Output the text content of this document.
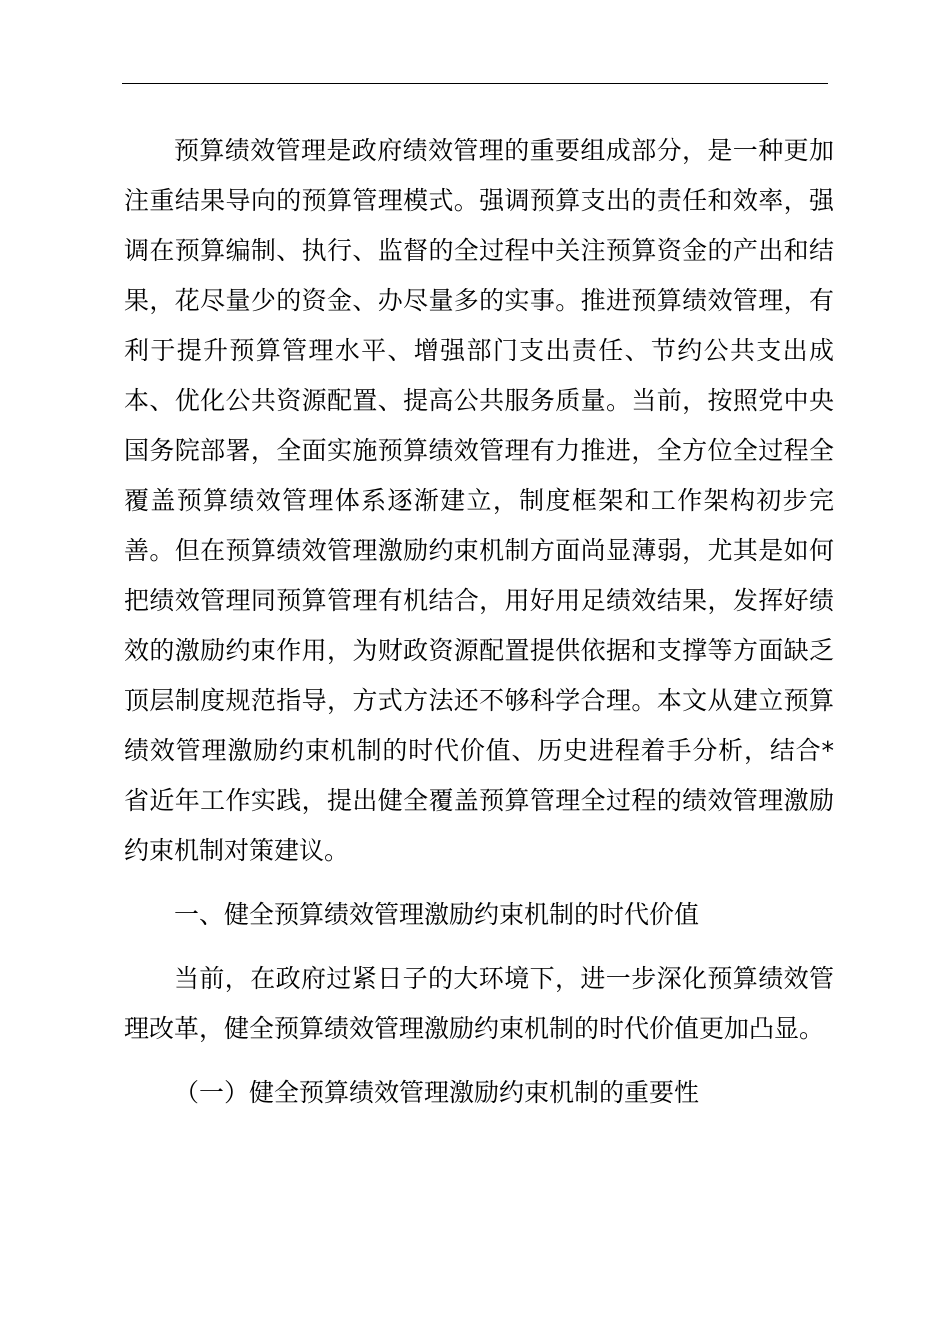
预算绩效管理是政府绩效管理的重要组成部分，是一种更加注重结果导向的预算管理模式。强调预算支出的责任和效率，强调在预算编制、执行、监督的全过程中关注预算资金的产出和结果，花尽量少的资金、办尽量多的实事。推进预算绩效管理，有利于提升预算管理水平、增强部门支出责任、节约公共支出成本、优化公共资源配置、提高公共服务质量。当前，按照党中央国务院部署，全面实施预算绩效管理有力推进，全方位全过程全覆盖预算绩效管理体系逐渐建立，制度框架和工作架构初步完善。但在预算绩效管理激励约束机制方面尚显薄弱，尤其是如何把绩效管理同预算管理有机结合，用好用足绩效结果，发挥好绩效的激励约束作用，为财政资源配置提供依据和支撑等方面缺乏顶层制度规范指导，方式方法还不够科学合理。本文从建立预算绩效管理激励约束机制的时代价值、历史进程着手分析，结合*省近年工作实践，提出健全覆盖预算管理全过程的绩效管理激励约束机制对策建议。

一、健全预算绩效管理激励约束机制的时代价值

当前，在政府过紧日子的大环境下，进一步深化预算绩效管理改革，健全预算绩效管理激励约束机制的时代价值更加凸显。

（一）健全预算绩效管理激励约束机制的重要性
